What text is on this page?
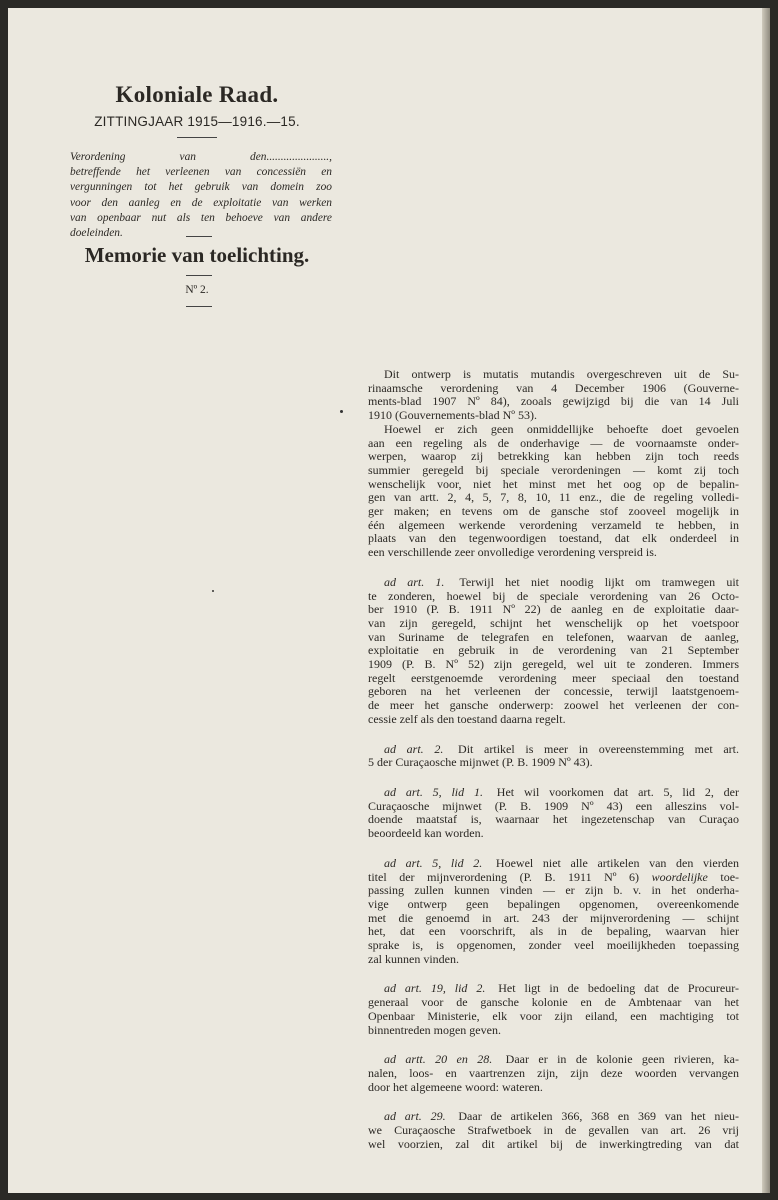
Koloniale Raad.
ZITTINGJAAR 1915—1916.—15.
Verordening van den......................,
betreffende het verleenen van concessiën en
vergunningen tot het gebruik van domein zoo
voor den aanleg en de exploitatie van werken
van openbaar nut als ten behoeve van andere
doeleinden.
Memorie van toelichting.
Nº 2.
Dit ontwerp is mutatis mutandis overgeschreven uit de Su-
rinaamsche verordening van 4 December 1906 (Gouverne-
ments-blad 1907 Nº 84), zooals gewijzigd bij die van 14 Juli
1910 (Gouvernements-blad Nº 53).
Hoewel er zich geen onmiddellijke behoefte doet gevoelen
aan een regeling als de onderhavige — de voornaamste onder-
werpen, waarop zij betrekking kan hebben zijn toch reeds
summier geregeld bij speciale verordeningen — komt zij toch
wenschelijk voor, niet het minst met het oog op de bepalin-
gen van artt. 2, 4, 5, 7, 8, 10, 11 enz., die de regeling volledi-
ger maken; en tevens om de gansche stof zooveel mogelijk in
één algemeen werkende verordening verzameld te hebben, in
plaats van den tegenwoordigen toestand, dat elk onderdeel in
een verschillende zeer onvolledige verordening verspreid is.
ad art. 1. Terwijl het niet noodig lijkt om tramwegen uit
te zonderen, hoewel bij de speciale verordening van 26 Octo-
ber 1910 (P. B. 1911 Nº 22) de aanleg en de exploitatie daar-
van zijn geregeld, schijnt het wenschelijk op het voetspoor
van Suriname de telegrafen en telefonen, waarvan de aanleg,
exploitatie en gebruik in de verordening van 21 September
1909 (P. B. Nº 52) zijn geregeld, wel uit te zonderen. Immers
regelt eerstgenoemde verordening meer speciaal den toestand
geboren na het verleenen der concessie, terwijl laatstgenoem-
de meer het gansche onderwerp: zoowel het verleenen der con-
cessie zelf als den toestand daarna regelt.
ad art. 2. Dit artikel is meer in overeenstemming met art.
5 der Curaçaosche mijnwet (P. B. 1909 Nº 43).
ad art. 5, lid 1. Het wil voorkomen dat art. 5, lid 2, der
Curaçaosche mijnwet (P. B. 1909 Nº 43) een alleszins vol-
doende maatstaf is, waarnaar het ingezetenschap van Curaçao
beoordeeld kan worden.
ad art. 5, lid 2. Hoewel niet alle artikelen van den vierden
titel der mijnverordening (P. B. 1911 Nº 6) woordelijke toe-
passing zullen kunnen vinden — er zijn b. v. in het onderha-
vige ontwerp geen bepalingen opgenomen, overeenkomende
met die genoemd in art. 243 der mijnverordening — schijnt
het, dat een voorschrift, als in de bepaling, waarvan hier
sprake is, is opgenomen, zonder veel moeilijkheden toepassing
zal kunnen vinden.
ad art. 19, lid 2. Het ligt in de bedoeling dat de Procureur-
generaal voor de gansche kolonie en de Ambtenaar van het
Openbaar Ministerie, elk voor zijn eiland, een machtiging tot
binnentreden mogen geven.
ad artt. 20 en 28. Daar er in de kolonie geen rivieren, ka-
nalen, loos- en vaartrenzen zijn, zijn deze woorden vervangen
door het algemeene woord: wateren.
ad art. 29. Daar de artikelen 366, 368 en 369 van het nieu-
we Curaçaosche Strafwetboek in de gevallen van art. 26 vrij
wel voorzien, zal dit artikel bij de inwerkingtreding van dat
